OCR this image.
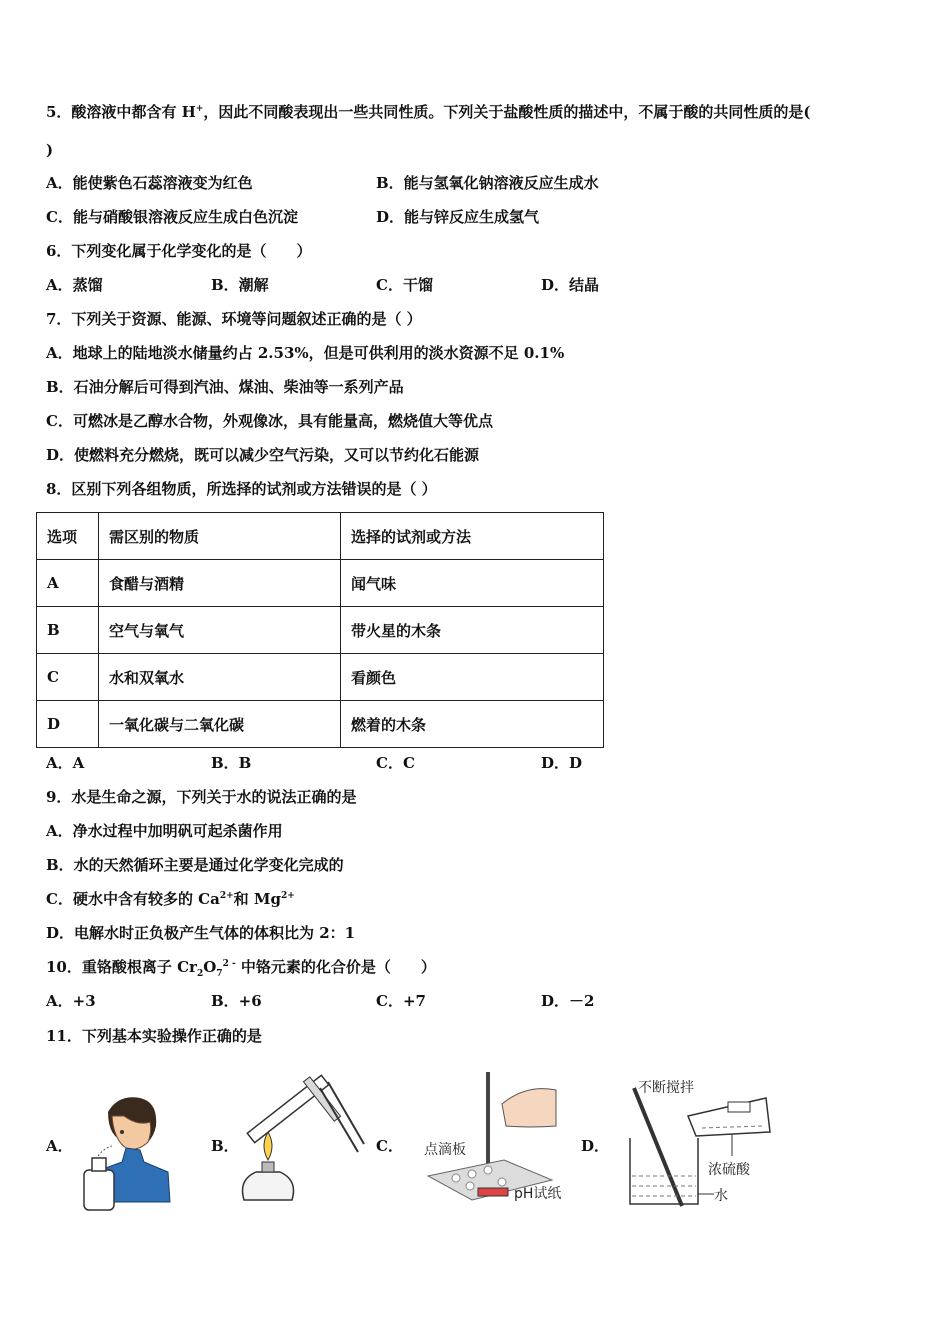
5．酸溶液中都含有 H+，因此不同酸表现出一些共同性质。下列关于盐酸性质的描述中，不属于酸的共同性质的是(
)
A．能使紫色石蕊溶液变为红色	B．能与氢氧化钠溶液反应生成水
C．能与硝酸银溶液反应生成白色沉淀	D．能与锌反应生成氢气
6．下列变化属于化学变化的是（　　）
A．蒸馏	B．潮解	C．干馏	D．结晶
7．下列关于资源、能源、环境等问题叙述正确的是（ ）
A．地球上的陆地淡水储量约占 2.53%，但是可供利用的淡水资源不足 0.1%
B．石油分解后可得到汽油、煤油、柴油等一系列产品
C．可燃冰是乙醇水合物，外观像冰，具有能量高，燃烧值大等优点
D．使燃料充分燃烧，既可以减少空气污染，又可以节约化石能源
8．区别下列各组物质，所选择的试剂或方法错误的是（ ）
选项	需区别的物质	选择的试剂或方法
A	食醋与酒精	闻气味
B	空气与氧气	带火星的木条
C	水和双氧水	看颜色
D	一氧化碳与二氧化碳	燃着的木条
A．A	B．B	C．C	D．D
9．水是生命之源，下列关于水的说法正确的是
A．净水过程中加明矾可起杀菌作用
B．水的天然循环主要是通过化学变化完成的
C．硬水中含有较多的 $Ca^{2+}$和 $Mg^{2+}$
D．电解水时正负极产生气体的体积比为 2：1
10．重铬酸根离子 $Cr_2O_7^{2 -}$ 中铬元素的化合价是（　　）
A．+3	B．+6	C．+7	D．－2
11．下列基本实验操作正确的是
A．	B．	C．	D．
点滴板
pH试纸
不断搅拌
浓硫酸
水
